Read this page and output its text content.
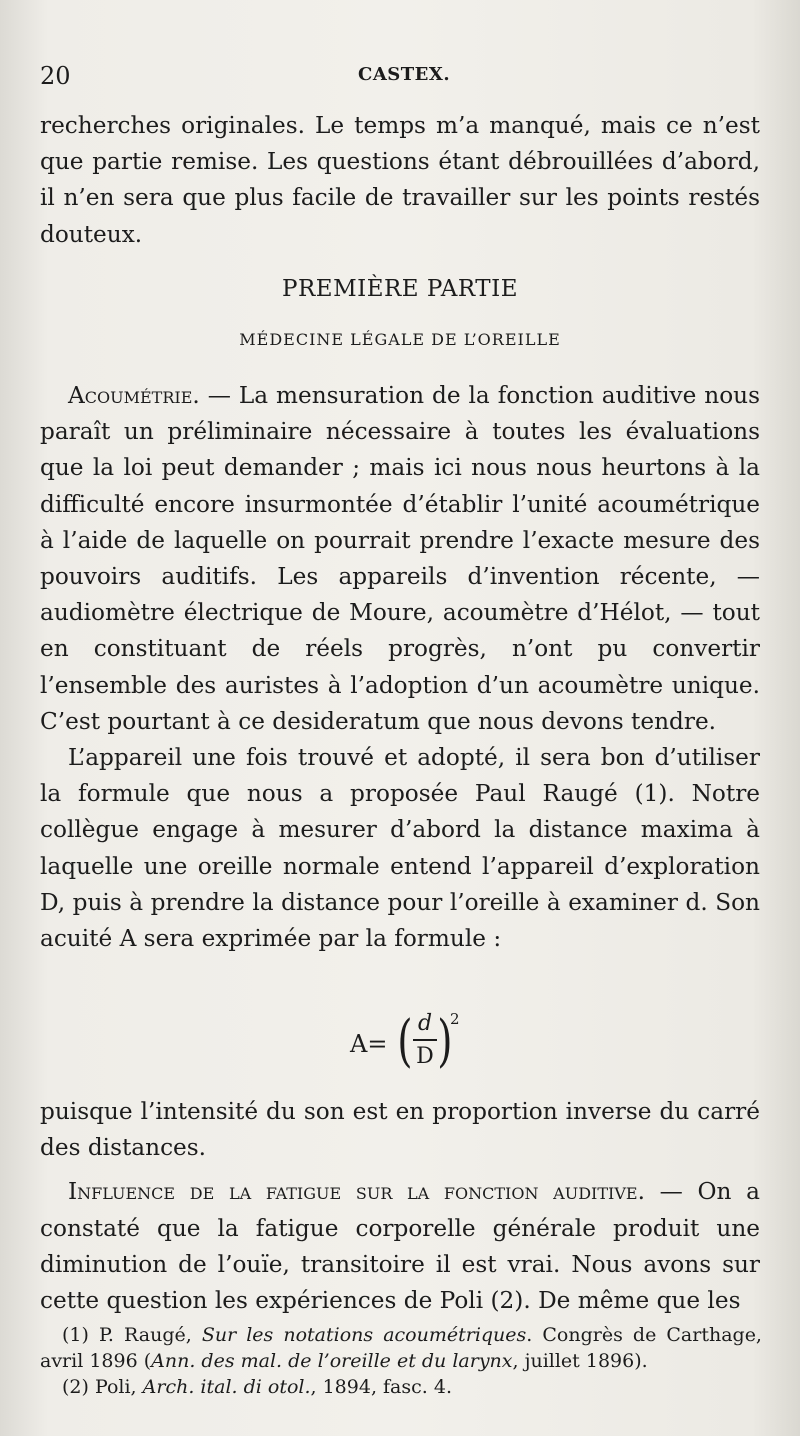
20	CASTEX.

recherches originales. Le temps m’a manqué, mais ce n’est que partie remise. Les questions étant débrouillées d’abord, il n’en sera que plus facile de travailler sur les points restés douteux.

PREMIÈRE PARTIE
MÉDECINE LÉGALE DE L’OREILLE

Acoumétrie. — La mensuration de la fonction auditive nous paraît un préliminaire nécessaire à toutes les évaluations que la loi peut demander ; mais ici nous nous heurtons à la difficulté encore insurmontée d’établir l’unité acoumétrique à l’aide de laquelle on pourrait prendre l’exacte mesure des pouvoirs auditifs. Les appareils d’invention récente, — audiomètre électrique de Moure, acoumètre d’Hélot, — tout en constituant de réels progrès, n’ont pu convertir l’ensemble des auristes à l’adoption d’un acoumètre unique. C’est pourtant à ce desideratum que nous devons tendre.

L’appareil une fois trouvé et adopté, il sera bon d’utiliser la formule que nous a proposée Paul Raugé (1). Notre collègue engage à mesurer d’abord la distance maxima à laquelle une oreille normale entend l’appareil d’exploration D, puis à prendre la distance pour l’oreille à examiner d. Son acuité A sera exprimée par la formule :

A= ( d
D )
2

puisque l’intensité du son est en proportion inverse du carré des distances.

Influence de la fatigue sur la fonction auditive. — On a constaté que la fatigue corporelle générale produit une diminution de l’ouïe, transitoire il est vrai. Nous avons sur cette question les expériences de Poli (2). De même que les

(1) P. Raugé, Sur les notations acoumétriques. Congrès de Carthage, avril 1896 (Ann. des mal. de l’oreille et du larynx, juillet 1896).

(2) Poli, Arch. ital. di otol., 1894, fasc. 4.
